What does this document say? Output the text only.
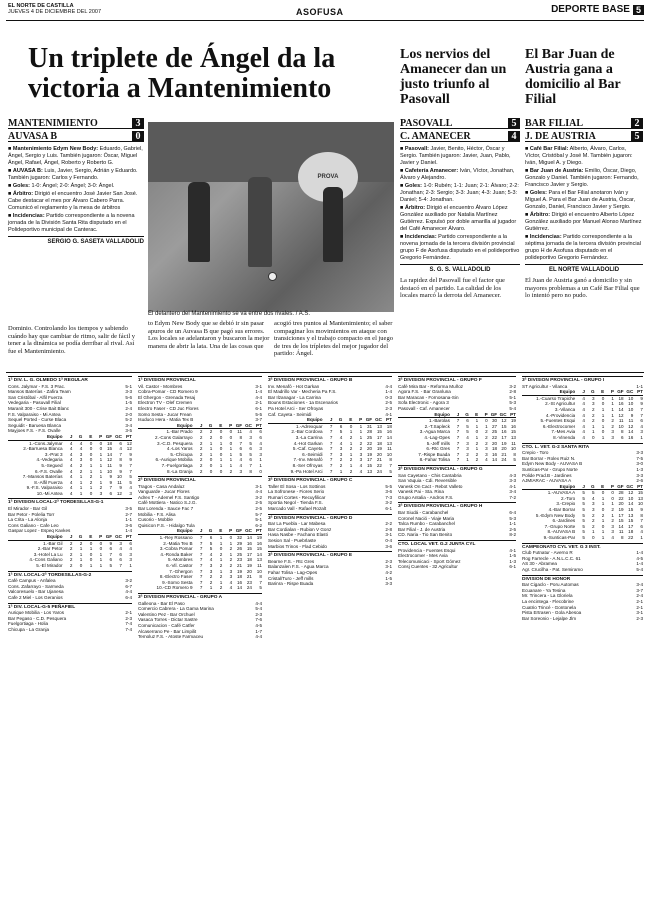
EL NORTE DE CASTILLA
JUEVES 4 DE DICIEMBRE DEL 2007	ASOFUSA	DEPORTE BASE 5
Un triplete de Ángel da la victoria a Mantenimiento
Los nervios del Amanecer dan un justo triunfo al Pasovall
El Bar Juan de Austria gana a domicilio al Bar Filial
MANTENIMIENTO	3
AUVASA B	0

■ Mantenimiento Edym New Body: Eduardo, Gabriel, Ángel, Sergio y Luis. También jugaron: Óscar, Miguel Ángel, Rafael, Ángel, Roberto y Roberto G.

■ AUVASA B: Luis, Javier, Sergio, Adrián y Eduardo. También jugaron: Carlos y Fernando.

■ Goles: 1-0: Ángel; 2-0: Ángel; 3-0: Ángel.

■ Árbitro: Dirigió el encuentro José Javier San José. Cabe destacar el mes por Álvaro Cabero Parra. Comunicó el reglamento y la mesa de árbitros

■ Incidencias: Partido correspondiente a la novena jornada de la División Santa Rita disputado en el Polideportivo municipal de Canterac.

SERGIO G. SASETA VALLADOLID
PROVA
El delantero del Mantenimiento se va entre dos rivales. / A.S.
Dominio. Controlando los tiempos y sabiendo cuándo hay que cambiar de ritmo, salir de fácil y tener a la dinámica se podía derribar al rival. Así fue el Mantenimiento.
to Edym New Body que se debió ir sin pasar apuros de un Auvasa B que pagó sus errores. Los locales se adelantaron y buscaron la mejor manera de abrir la lata. Una de las cosas que
acogió tres puntos al Mantenimiento; el saber compaginar los movimientos en ataque con transiciones y el trabajo compacto en el juego de tres de los trípletes del mejor jugador del partido: Ángel.
PASOVALL	5
C. AMANECER	4

■ Pasovall: Javier, Benito, Héctor, Óscar y Sergio. También jugaron: Javier, Juan, Pablo, Javier y Daniel.

■ Cafetería Amanecer: Iván, Víctor, Jonathan, Álvaro y Alejandro.

■ Goles: 1-0: Rubén; 1-1: Juan; 2-1: Álvaro; 2-2: Jonathan; 2-3: Sergio; 3-3: Juan; 4-3: Juan; 5-3: Daniel; 5-4: Jonathan.

■ Árbitro: Dirigió el encuentro Álvaro López González auxiliado por Natalia Martínez Gutiérrez. Expulsó por doble amarilla al jugador del Café Amanecer Álvaro.

■ Incidencias: Partido correspondiente a la novena jornada de la tercera división provincial grupo F de Asofusa disputado en el polideportivo Gregorio Fernández.

S. G. S. VALLADOLID
La rapidez del Pasovall fue el factor que destacó en el partido. La calidad de los locales marcó la derrota del Amanecer.
BAR FILIAL	2
J. DE AUSTRIA	5

■ Café Bar Filial: Alberto, Álvaro, Carlos, Víctor, Cristóbal y José M. También jugaron: Iván, Miguel A. y Diego.

■ Bar Juan de Austria: Emilio, Óscar, Diego, Gonzalo y Daniel. También jugaron: Fernando, Francisco Javier y Sergio.

■ Goles: Para el Bar Filial anotaron Iván y Miguel A. Para el Bar Juan de Austria, Óscar, Gonzalo, Daniel, Francisco Javier y Sergio.

■ Árbitro: Dirigió el encuentro Alberto López González auxiliado por Manuel Alonso Martínez Gutiérrez.

■ Incidencias: Partido correspondiente a la séptima jornada de la tercera división provincial grupo H de Asofusa disputado en el polideportivo Gregorio Fernández.

EL NORTE VALLADOLID
El Juan de Austria ganó a domicilio y sin mayores problemas a un Café Bar Filial que lo intentó pero no pudo.
1ª DIV. L. G. OLMEDO 1ª REGULAR
Cons. Jalymar - F.S. 3 Prac.	5-1
Mansos Baterías - Zafira Team	3-3
San Cristóbal - Alfil Fuerza	5-6
Vedegaria - Pasuvall Filial	1-5
Maranit 300 - Crise Bait Blanc	2-4
F.S. Valparaiso - Mi Antea	2-0
Sequel Ported - Curse Blaca	5-2
Seguidit - Baruesa Blanca	3-4
Mayjoes F.S. - F.S. Ovalle	3-5
Equipo	J	G	E	P GF GC PT
1.-Cons.Jalymar	4	4	0	0	18	6	12
2.-Barruesa Blanca	4	4	0	0	15	4	12
3.-Prat 3	4	3	0	1	14	7	9
4.-Vedegaria	4	3	0	1	12	8	9
5.-Segued	4	2	1	1	11	9	7
6.-F.S. Ovalle	4	2	1	1	10	9	7
7.-Mansos Baterías	4	1	2	1	9	10	5
8.-Alfil Fuerza	4	1	2	1	9	11	5
9.-F.S. Valparaiso	4	1	1	2	7	9	4
10.-Mi Antea	4	1	0	3	6	12	3
1ª DIVISION LOCAL-2ª TORDESILLAS-G-1
El Mirador - Bar Gil	3-5
Bar Petor - Polelia Torr	2-7
La Crita - La Alonja	1-1
Cons Galiano - Cafe Leo	3-6
Gaspar Lopez - Espeq Kavkes	1-4
Equipo	J	G	E	P GF GC PT
1.-Bar Gil	2	2	0	0	9	3	6
2.-Bar Petor	2	1	1	0	6	4	4
3.-Hotel La Lu	2	1	0	1	7	6	3
4.-Cons Galiano	2	1	0	1	6	6	3
5.-El Mirador	2	0	1	1	5	7	1
1ª DIV. LOCAL-2ª TORDESILLAS-G-2
Café Campus - Anfalea	3-2
Cons. Zafarrayo - Sarmeda	6-7
Valcoresuelo - Bar Ujanesa	4-4
Cafe 2 Miel - Los Geranios	6-4
1ª DIV. LOCAL-G-5 PEÑAFIEL
Aurique Mobilia - Los Yaros	2-1
Bar Pegaso - C.D. Pesquera	2-3
Fuelgortiaga - Holia	7-4
Chicupa - La Granja	7-4
1ª DIVISION PROVINCIAL
Vil. Castor - Mombres	3-1
Cobra-Pomar - CD Romero 9	1-4
El Ghergon - Grenada Tesaj	4-4
Electron TV - Olef Cremen	2-1
Electro Faser - CD Juc Flores	6-1
Somo Sesta - Jucar Frean	5-5
Isuduco Hera - Matia Tex B	3-7
Equipo	J	G	E	P GF GC PT
1.-Bar Prado	2	2	0	0	11	4	6
2.-Cons Galarrayo	2	2	0	0	8	3	6
3.-C.D. Pesquera	2	1	1	0	7	5	4
4.-Los Yaros	2	1	0	1	6	6	3
5.-Chicupa	2	1	0	1	5	5	3
6.-Aurique Mobilia	2	0	1	1	4	6	1
7.-Fuelgortiaga	2	0	1	1	4	7	1
8.-La Granja	2	0	0	2	3	8	0
2ª DIVISION PROVINCIAL
Tragos - Casa Andaluz	3-1
Vanguarde - Jucar Flores	4-4
Adrex T - Ademel F.S. Santigo	3-2
Café Mottiera - Natico S.J.G.	2-5
Bar Lorenda - Sauce Fac 7	2-5
Mobilia - F.S. Alisa	5-7
Cusorio - Mobble	5-1
Quisicon F.S. - Hidalgo Tula	6-2
Equipo	J	G	E	P GF GC PT
1.-Rey Rossano	7	6	1	0	32	14	19
2.-Matia Tex B	7	5	1	1	29	16	16
3.-Cobra Pomar	7	5	0	2	26	15	15
4.-Ronda Baker	7	4	2	1	25	17	14
5.-Mombres	7	4	1	2	23	18	13
6.-Vil. Castor	7	3	2	2	21	19	11
7.-Ghergon	7	3	1	3	19	20	10
8.-Electro Faser	7	2	2	3	18	21	8
9.-Somo Sesta	7	2	1	4	16	23	7
10.-CD Romero 9	7	1	2	4	14	24	5
3ª DIVISION PROVINCIAL - GRUPO A
Galleona - Bar El Paso	4-4
Comercio Cabrera - La Gama Marina	5-4
Valentino Pez - Bar Orchuel	2-3
Vasaca Torres - Dictar Sastre	7-6
Comunicacion - Café Catfer	4-5
Alcaserrano Pe - Bar Limpilit	1-7
Temoluz F.S. - Atoste Farmaceu	4-4
3ª DIVISION PROVINCIAL - GRUPO B
Inv. Menafó - Hot Garkan	4-4
El Madrillo Var - Mecheria Pa F.S.	1-4
Bar Ilzanagar - La Carrina	0-3
Bouns Estaciones - 1a Escenarios	2-5
Pa Hotel Arci - Ser Ofroyas	2-3
Caf. Cayeta - Seimidi	4-1
Equipo	J	G	E	P GF GC PT
1.-Adrexquar	7	6	0	1	31	13	18
2.-Bar Cordova	7	5	1	1	28	15	16
3.-La Carrina	7	4	2	1	25	17	14
4.-Hot Garkan	7	4	1	2	22	18	13
5.-Caf. Cayeta	7	3	2	2	20	19	11
6.-Seimidi	7	3	1	3	19	20	10
7.-Inv. Menafó	7	2	2	3	17	21	8
8.-Ser Ofroyas	7	2	1	4	15	22	7
9.-Pa Hotel Arci	7	1	2	4	13	24	5
3ª DIVISION PROVINCIAL - GRUPO C
Taller El Sosa - Los Sottinos	5-5
La Sofronese - Fiores Serio	3-6
Rumari Cortes - Recuyfilicar	7-3
Sportia Negol - Tienda F.S.	3-2
Marcado Vall - Rafael Rozalt	6-1
3ª DIVISION PROVINCIAL - GRUPO D
Bar La Puebla - Lar Mabesa	2-2
Bar Cordialan - Rubion V Gonz	2-8
Hasa Nasbe - Fachano Elasti	3-1
Sesion Sal - Puebrlaste	0-4
Marbios Trinos - Flad Cebido	3-6
3ª DIVISION PROVINCIAL - GRUPO E
Bearne F.S. - Rtc Gres	2-3
Balanzalen F.S. - Agua Marca	3-1
Fahar Tolisa - Lag-Opes	4-2
Cristal/Turo - Jeff mills	1-5
Barinra - Rispe Buada	3-3
3ª DIVISION PROVINCIAL - GRUPO F
Café Mira Bar - Reforma Muñoz	3-2
Agora F.S. - Bar Granluna	2-8
Bar Maracan - Fornosana-Sin	5-1
Sofa Electronic - Agora 3	5-3
Pasovall - Caf. Amanecer	5-4
Equipo	J	G	E	P GF GC PT
1.-Barolas	7	6	1	0 30 12 19
2.-T.Sapleck	7	5	1	1 27 15 16
3.-Agua Marca	7	5	0	2 25 16 15
4.-Lag-Opes	7	4	1	2 22 17 13
5.-Jeff mills	7	3	2	2 20 19	11
6.-Rtc Gres	7	3	1	3 18 20 10
7.-Rispe Buada	7	2	2	3 16 21	8
8.-Fahar Tolisa	7	1	2	4 14 24	5
3ª DIVISION PROVINCIAL - GRUPO G
San Cayetano - Chis Cantabria	4-3
San Vaquia - Cdi. Reversible	3-3
Vanesk On Cact - Rebot Valleto	4-1
Vanesk Pai - Sta. Rina	3-4
Grupo Antalia - Andros F.S.	7-2
3ª DIVISION PROVINCIAL - GRUPO H
Bar Siudá - Carabanchel	6-4
Coronel Nació - Viaje Maria	5-3
Talca Rumbo - Carabanchel	1-1
Bar Filial - J. de Austria	2-5
CD. Naria - Tio San Benito	8-2
CTO. LOCAL VET. G.2 JUNTA CYL
Providencia - Fuentes Esqui	4-1
Electrocomer - Mes Avia	1-5
Telecomunicaci - Sport Gómez	1-3
Consj Cuentes - 32 Agricultur	6-1
3ª DIVISION PROVINCIAL - GRUPO I
ST Agricultur - Vilanca	1-1
Equipo	J	G	E	P GF GC PT
1.-Cuarso Trapiche	4	3	0	1 18 10	9
2.-St Agricultur	4	3	0	1 16 10	9
3.-Vilanca	4	2	1	1 14 10	7
4.-Providencia	4	2	1	1 12	9	7
5.-Fuentes Esqui	4	2	0	2	11	11	6
6.-Electrocomer	4	1	1	2 10 12	4
7.-Mes Avia	4	1	0	3	8 14	3
8.-Vinenda	4	0	1	3	6 16	1
CTO. L. VET. G-2 SANTA RITA
Crepio - Toro	3-3
Bar Borrar - Rolex Ruiz N.	7-5
Edym New Body - AUVASA B	3-0
Sunticas-Par - Grupo Norte	1-3
Polide Prad.B - Jardines	3-3
AJMIARAC - AUVASA A	2-6
Equipo	J	G	E	P GF GC PT
1.-AUVASA A	5	5	0	0 28 12 15
2.-Toro	5	4	1	0 22 10 13
3.-Crepio	5	3	1	1 20 14 10
4.-Bar Borrar	5	3	0	2 19 15	9
5.-Edym New Body	5	2	2	1 17 13	8
6.-Jardines	5	2	1	2 15 15	7
7.-Grupo Norte	5	2	0	3 14 17	6
8.-AUVASA B	5	1	1	3	11 18	4
9.-Sunticas-Par	5	0	1	4	8 22	1
CAMPEONATO CYL VET. G 3 INST.
Club Futnatur - Averno R	1-4
Rog Farrecle - A.N.L.C.C. 61	4-5
AS 30 - Abramea	1-4
Agr. Crucilha - Pat. Semiramo	5-4
DIVISION DE HONOR
Bar Cigaclo - Poru Automas	3-4
Ecuanare - Ya Tesina	3-7
Mr. Trincera - La Gloriela	2-4
La encintega - Flecobrine	2-1
Cuatrio Trincé - Gontonela	2-1
Pista Ertrasen - Gola Abesoa	3-1
Bar Soreonio - Lejalpe Jlm	2-3
